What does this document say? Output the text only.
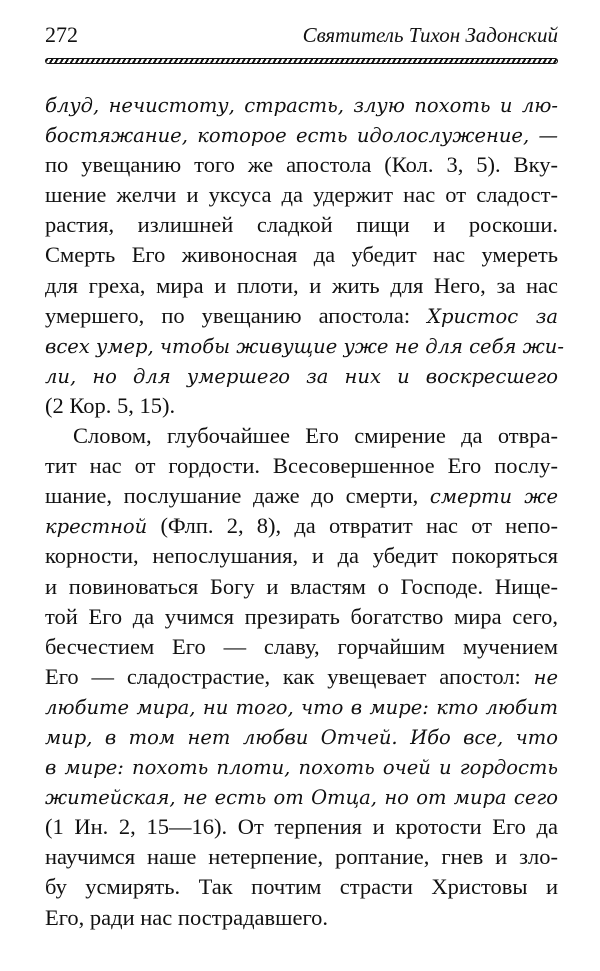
272	Святитель Тихон Задонский
блуд, нечистоту, страсть, злую похоть и лю-
бостяжание, которое есть идолослужение, —
по увещанию того же апостола (Кол. 3, 5). Вку-
шение желчи и уксуса да удержит нас от сладост-
растия, излишней сладкой пищи и роскоши.
Смерть Его живоносная да убедит нас умереть
для греха, мира и плоти, и жить для Него, за нас
умершего, по увещанию апостола: Христос за
всех умер, чтобы живущие уже не для себя жи-
ли, но для умершего за них и воскресшего
(2 Кор. 5, 15).
Словом, глубочайшее Его смирение да отвра-
тит нас от гордости. Всесовершенное Его послу-
шание, послушание даже до смерти, смерти же
крестной (Флп. 2, 8), да отвратит нас от непо-
корности, непослушания, и да убедит покоряться
и повиноваться Богу и властям о Господе. Нище-
той Его да учимся презирать богатство мира сего,
бесчестием Его — славу, горчайшим мучением
Его — сладострастие, как увещевает апостол: не
любите мира, ни того, что в мире: кто любит
мир, в том нет любви Отчей. Ибо все, что
в мире: похоть плоти, похоть очей и гордость
житейская, не есть от Отца, но от мира сего
(1 Ин. 2, 15—16). От терпения и кротости Его да
научимся наше нетерпение, роптание, гнев и зло-
бу усмирять. Так почтим страсти Христовы и
Его, ради нас пострадавшего.
